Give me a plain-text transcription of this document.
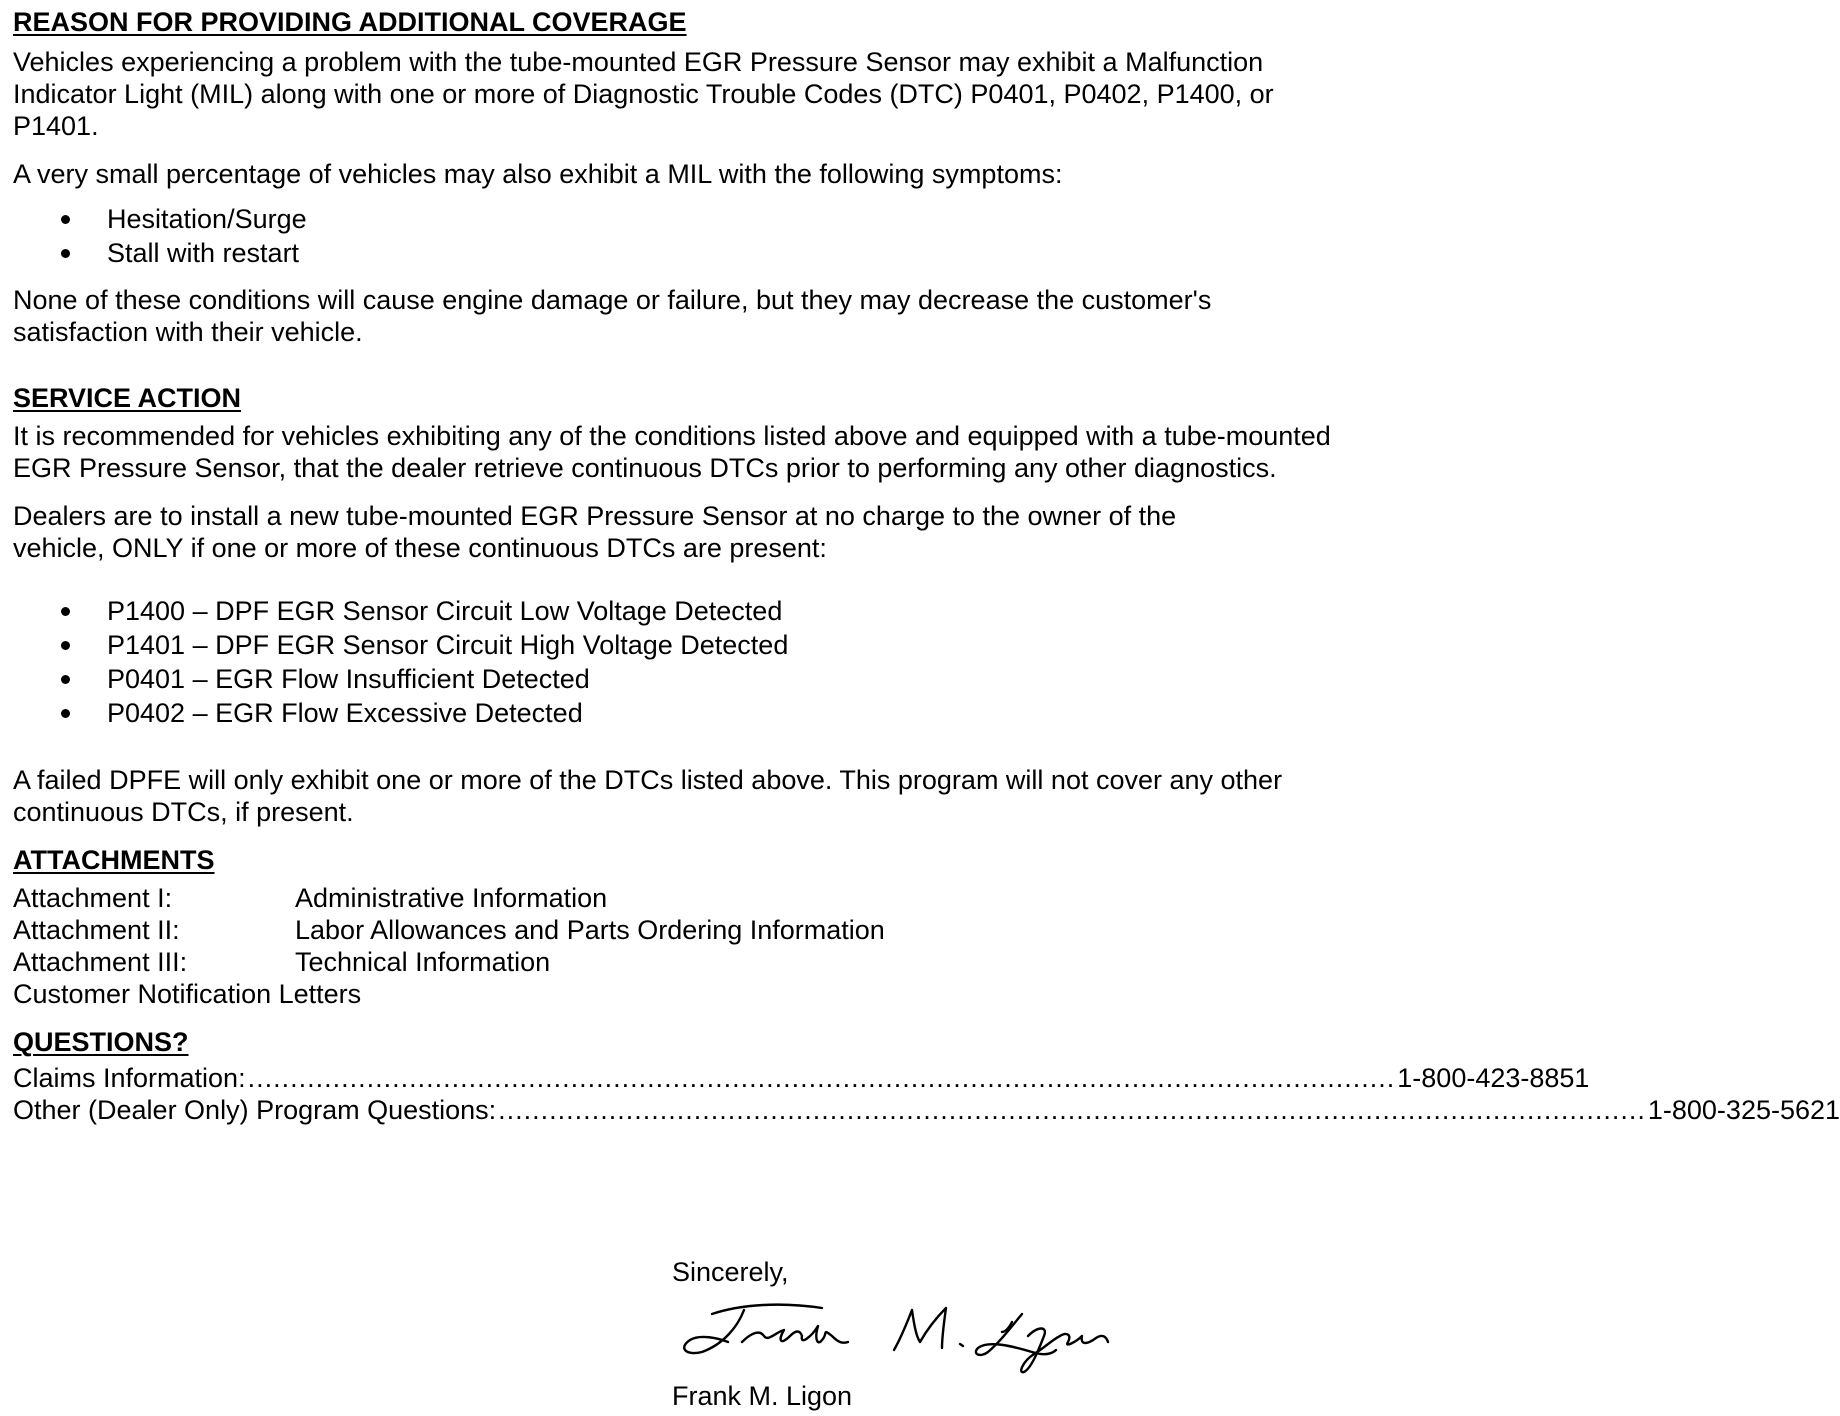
REASON FOR PROVIDING ADDITIONAL COVERAGE

Vehicles experiencing a problem with the tube-mounted EGR Pressure Sensor may exhibit a Malfunction Indicator Light (MIL) along with one or more of Diagnostic Trouble Codes (DTC) P0401, P0402, P1400, or P1401.

A very small percentage of vehicles may also exhibit a MIL with the following symptoms:

Hesitation/Surge
Stall with restart

None of these conditions will cause engine damage or failure, but they may decrease the customer's satisfaction with their vehicle.

SERVICE ACTION

It is recommended for vehicles exhibiting any of the conditions listed above and equipped with a tube-mounted EGR Pressure Sensor, that the dealer retrieve continuous DTCs prior to performing any other diagnostics.

Dealers are to install a new tube-mounted EGR Pressure Sensor at no charge to the owner of the vehicle, ONLY if one or more of these continuous DTCs are present:

P1400 – DPF EGR Sensor Circuit Low Voltage Detected
P1401 – DPF EGR Sensor Circuit High Voltage Detected
P0401 – EGR Flow Insufficient Detected
P0402 – EGR Flow Excessive Detected

A failed DPFE will only exhibit one or more of the DTCs listed above. This program will not cover any other continuous DTCs, if present.

ATTACHMENTS
Attachment I:	Administrative Information
Attachment II:	Labor Allowances and Parts Ordering Information
Attachment III:	Technical Information
Customer Notification Letters
QUESTIONS?
Claims Information: ....................................................................................................................................... 1-800-423-8851
Other (Dealer Only) Program Questions: ....................................................................................................................................... 1-800-325-5621
Sincerely,
Frank M. Ligon
